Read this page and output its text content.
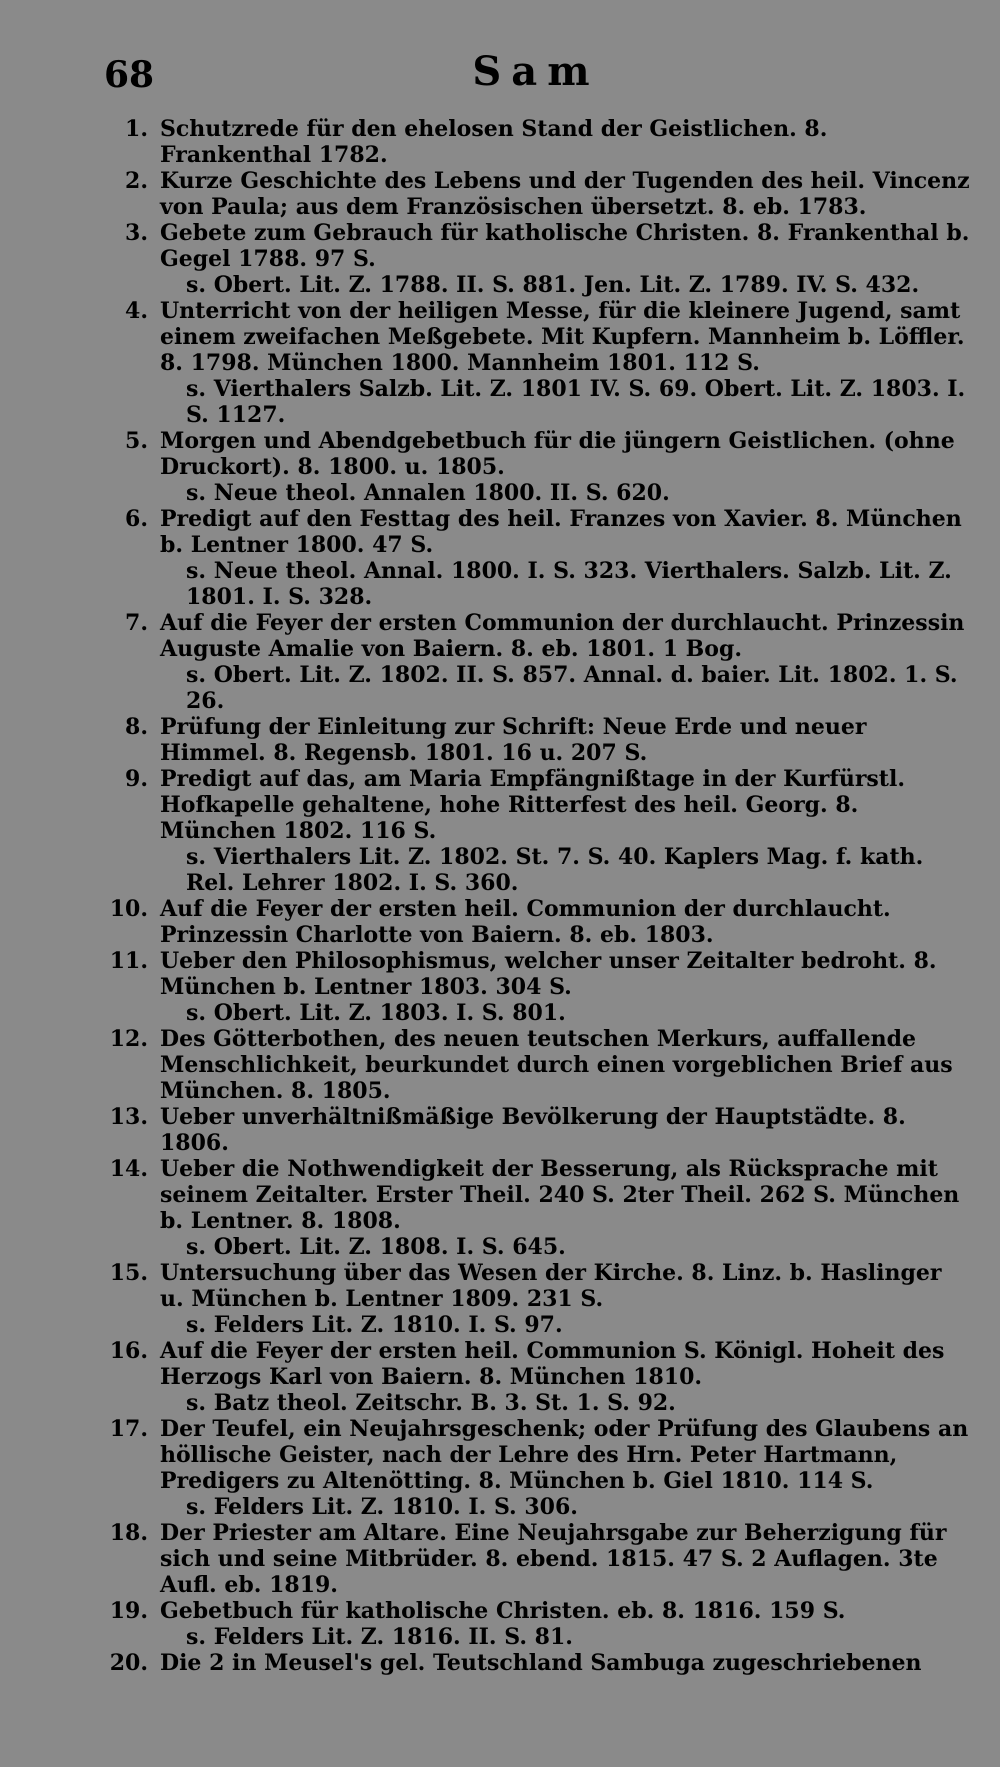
68	Sam
1. Schutzrede für den ehelosen Stand der Geistlichen. 8. Frankenthal 1782.
2. Kurze Geschichte des Lebens und der Tugenden des heil. Vincenz von Paula; aus dem Französischen übersetzt. 8. eb. 1783.
3. Gebete zum Gebrauch für katholische Christen. 8. Frankenthal b. Gegel 1788. 97 S.
s. Obert. Lit. Z. 1788. II. S. 881. Jen. Lit. Z. 1789. IV. S. 432.
4. Unterricht von der heiligen Messe, für die kleinere Jugend, samt einem zweifachen Meßgebete. Mit Kupfern. Mannheim b. Löffler. 8. 1798. München 1800. Mannheim 1801. 112 S.
s. Vierthalers Salzb. Lit. Z. 1801 IV. S. 69. Obert. Lit. Z. 1803. I. S. 1127.
5. Morgen und Abendgebetbuch für die jüngern Geistlichen. (ohne Druckort). 8. 1800. u. 1805.
s. Neue theol. Annalen 1800. II. S. 620.
6. Predigt auf den Festtag des heil. Franzes von Xavier. 8. München b. Lentner 1800. 47 S.
s. Neue theol. Annal. 1800. I. S. 323. Vierthalers. Salzb. Lit. Z. 1801. I. S. 328.
7. Auf die Feyer der ersten Communion der durchlaucht. Prinzessin Auguste Amalie von Baiern. 8. eb. 1801. 1 Bog.
s. Obert. Lit. Z. 1802. II. S. 857. Annal. d. baier. Lit. 1802. 1. S. 26.
8. Prüfung der Einleitung zur Schrift: Neue Erde und neuer Himmel. 8. Regensb. 1801. 16 u. 207 S.
9. Predigt auf das, am Maria Empfängnißtage in der Kurfürstl. Hofkapelle gehaltene, hohe Ritterfest des heil. Georg. 8. München 1802. 116 S.
s. Vierthalers Lit. Z. 1802. St. 7. S. 40. Kaplers Mag. f. kath. Rel. Lehrer 1802. I. S. 360.
10. Auf die Feyer der ersten heil. Communion der durchlaucht. Prinzessin Charlotte von Baiern. 8. eb. 1803.
11. Ueber den Philosophismus, welcher unser Zeitalter bedroht. 8. München b. Lentner 1803. 304 S.
s. Obert. Lit. Z. 1803. I. S. 801.
12. Des Götterbothen, des neuen teutschen Merkurs, auffallende Menschlichkeit, beurkundet durch einen vorgeblichen Brief aus München. 8. 1805.
13. Ueber unverhältnißmäßige Bevölkerung der Hauptstädte. 8. 1806.
14. Ueber die Nothwendigkeit der Besserung, als Rücksprache mit seinem Zeitalter. Erster Theil. 240 S. 2ter Theil. 262 S. München b. Lentner. 8. 1808.
s. Obert. Lit. Z. 1808. I. S. 645.
15. Untersuchung über das Wesen der Kirche. 8. Linz. b. Haslinger u. München b. Lentner 1809. 231 S.
s. Felders Lit. Z. 1810. I. S. 97.
16. Auf die Feyer der ersten heil. Communion S. Königl. Hoheit des Herzogs Karl von Baiern. 8. München 1810.
s. Batz theol. Zeitschr. B. 3. St. 1. S. 92.
17. Der Teufel, ein Neujahrsgeschenk; oder Prüfung des Glaubens an höllische Geister, nach der Lehre des Hrn. Peter Hartmann, Predigers zu Altenötting. 8. München b. Giel 1810. 114 S.
s. Felders Lit. Z. 1810. I. S. 306.
18. Der Priester am Altare. Eine Neujahrsgabe zur Beherzigung für sich und seine Mitbrüder. 8. ebend. 1815. 47 S. 2 Auflagen. 3te Aufl. eb. 1819.
19. Gebetbuch für katholische Christen. eb. 8. 1816. 159 S.
s. Felders Lit. Z. 1816. II. S. 81.
20. Die 2 in Meusel's gel. Teutschland Sambuga zugeschriebenen
